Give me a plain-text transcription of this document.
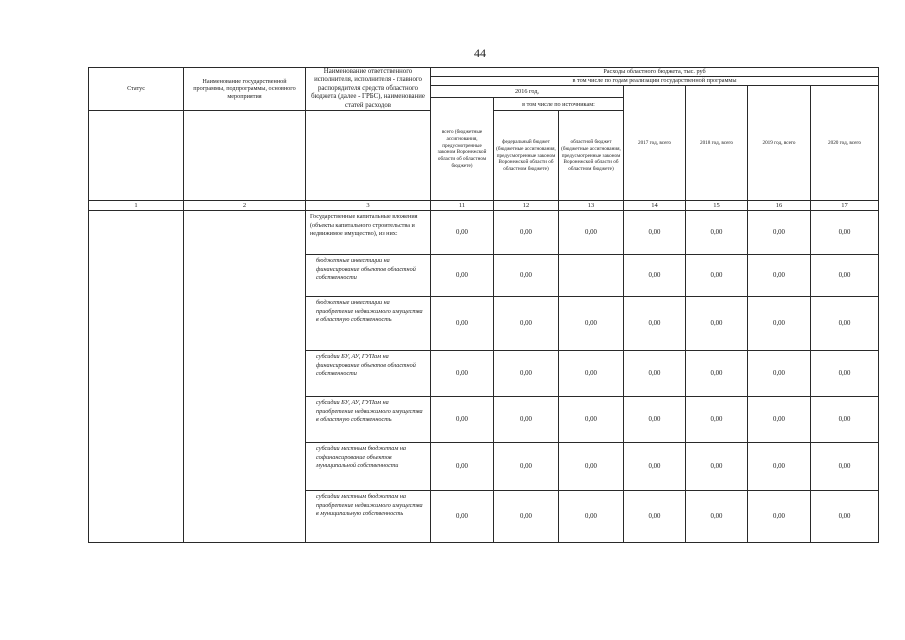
44
Статус	Наименование государственной программы, подпрограммы, основного мероприятия	Наименование ответственного исполнителя, исполнителя - главного распорядителя средств областного бюджета (далее - ГРБС), наименование статей расходов	Расходы областного бюджета, тыс. руб						
			в том числе по годам реализации государственной программы						
			2016 год,			2017 год, всего	2018 год, всего	2019 год, всего	2020 год, всего
			всего (бюджетные ассигнования, предусмотренные законом Воронежской области об областном бюджете)	в том числе по источникам:					
				федеральный бюджет (бюджетные ассигнования, предусмотренные законом Воронежской области об областном бюджете)	областной бюджет (бюджетные ассигнования, предусмотренные законом Воронежской области об областном бюджете)				
1	2	3	11	12	13	14	15	16	17
		Государственные капитальные вложения (объекты капитального строительства и недвижимое имущество), из них:	0,00	0,00	0,00	0,00	0,00	0,00	0,00
		бюджетные инвестиции на финансирование объектов областной собственности	0,00	0,00		0,00	0,00	0,00	0,00
		бюджетные инвестиции на приобретение недвижимого имущества в областную собственность	0,00	0,00	0,00	0,00	0,00	0,00	0,00
		субсидии БУ, АУ, ГУПам на финансирование объектов областной собственности	0,00	0,00	0,00	0,00	0,00	0,00	0,00
		субсидии БУ, АУ, ГУПам на приобретение недвижимого имущества в областную собственность	0,00	0,00	0,00	0,00	0,00	0,00	0,00
		субсидии местным бюджетам на софинансирование объектов муниципальной собственности	0,00	0,00	0,00	0,00	0,00	0,00	0,00
		субсидии местным бюджетам на приобретение недвижимого имущества в муниципальную собственность	0,00	0,00	0,00	0,00	0,00	0,00	0,00
